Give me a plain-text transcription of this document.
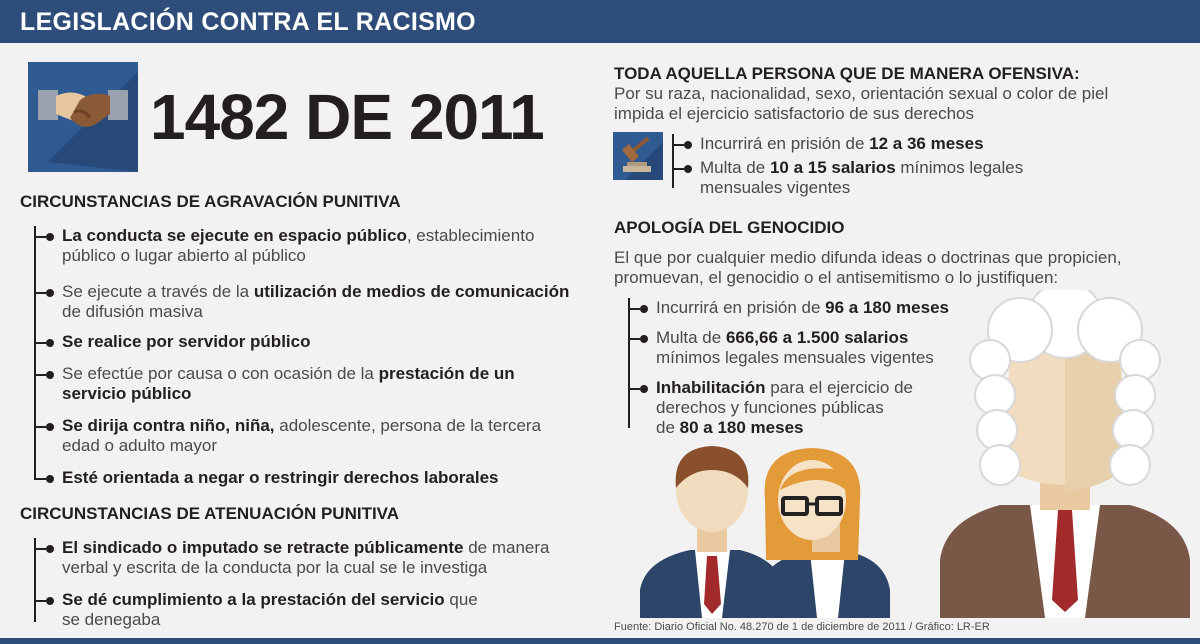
LEGISLACIÓN CONTRA EL RACISMO
1482 DE 2011
CIRCUNSTANCIAS DE AGRAVACIÓN PUNITIVA
La conducta se ejecute en espacio público, establecimiento
público o lugar abierto al público
Se ejecute a través de la utilización de medios de comunicación
de difusión masiva
Se realice por servidor público
Se efectúe por causa o con ocasión de la prestación de un
servicio público
Se dirija contra niño, niña, adolescente, persona de la tercera
edad o adulto mayor
Esté orientada a negar o restringir derechos laborales
CIRCUNSTANCIAS DE ATENUACIÓN PUNITIVA
El sindicado o imputado se retracte públicamente de manera
verbal y escrita de la conducta por la cual se le investiga
Se dé cumplimiento a la prestación del servicio que
se denegaba
TODA AQUELLA PERSONA QUE DE MANERA OFENSIVA:
Por su raza, nacionalidad, sexo, orientación sexual o color de piel
impida el ejercicio satisfactorio de sus derechos
Incurrirá en prisión de 12 a 36 meses
Multa de 10 a 15 salarios mínimos legales
mensuales vigentes
APOLOGÍA DEL GENOCIDIO
El que por cualquier medio difunda ideas o doctrinas que propicien,
promuevan, el genocidio o el antisemitismo o lo justifiquen:
Incurrirá en prisión de 96 a 180 meses
Multa de 666,66 a 1.500 salarios
mínimos legales mensuales vigentes
Inhabilitación para el ejercicio de
derechos y funciones públicas
de 80 a 180 meses
Fuente: Diario Oficial No. 48.270 de 1 de diciembre de 2011 / Gráfico: LR-ER
